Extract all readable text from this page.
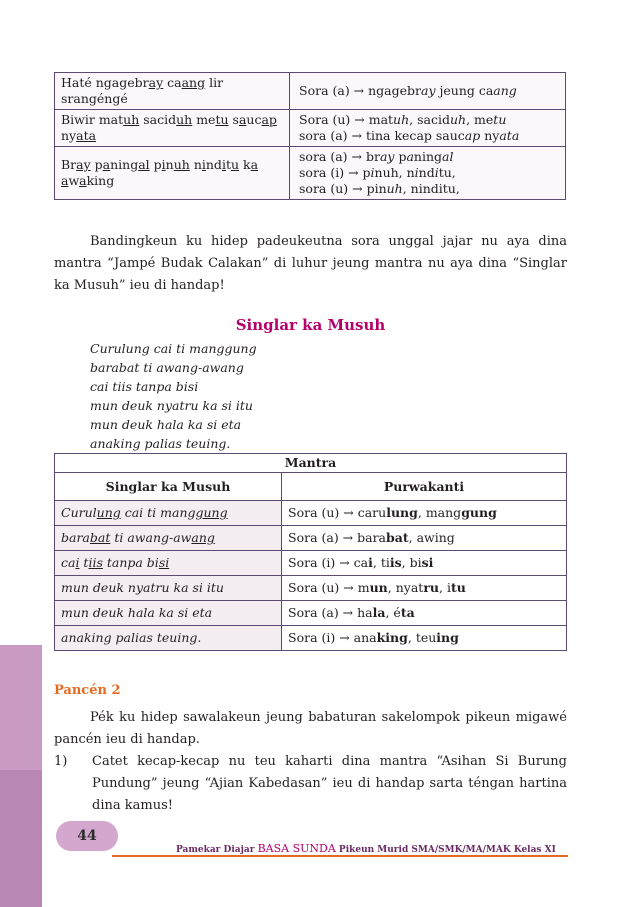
Haté ngagebray caang lir srangéngé	Sora (a) → ngagebray jeung caang
Biwir matuh saciduh metu saucap nyata	Sora (u) → matuh, saciduh, metu
sora (a) → tina kecap saucap nyata
Bray paningal pinuh ninditu ka awaking	sora (a) → bray paningal
sora (i) → pinuh, ninditu,
sora (u) → pinuh, ninditu,

Bandingkeun ku hidep padeukeutna sora unggal jajar nu aya dina mantra “Jampé Budak Calakan” di luhur jeung mantra nu aya dina “Singlar ka Musuh” ieu di handap!

Singlar ka Musuh
Curulung cai ti manggung
barabat ti awang-awang
cai tiis tanpa bisi
mun deuk nyatru ka si itu
mun deuk hala ka si eta
anaking palias teuing.
Mantra	
Singlar ka Musuh	Purwakanti
Curulung cai ti manggung	Sora (u) → carulung, manggung
barabat ti awang-awang	Sora (a) → barabat, awing
cai tiis tanpa bisi	Sora (i) → cai, tiis, bisi
mun deuk nyatru ka si itu	Sora (u) → mun, nyatru, itu
mun deuk hala ka si eta	Sora (a) → hala, éta
anaking palias teuing.	Sora (i) → anaking, teuing
Pancén 2

Pék ku hidep sawalakeun jeung babaturan sakelompok pikeun migawé pancén ieu di handap.

1) Catet kecap-kecap nu teu kaharti dina mantra “Asihan Si Burung Pundung” jeung “Ajian Kabedasan” ieu di handap sarta téngan hartina dina kamus!

44
Pamekar Diajar BASA SUNDA Pikeun Murid SMA/SMK/MA/MAK Kelas XI
